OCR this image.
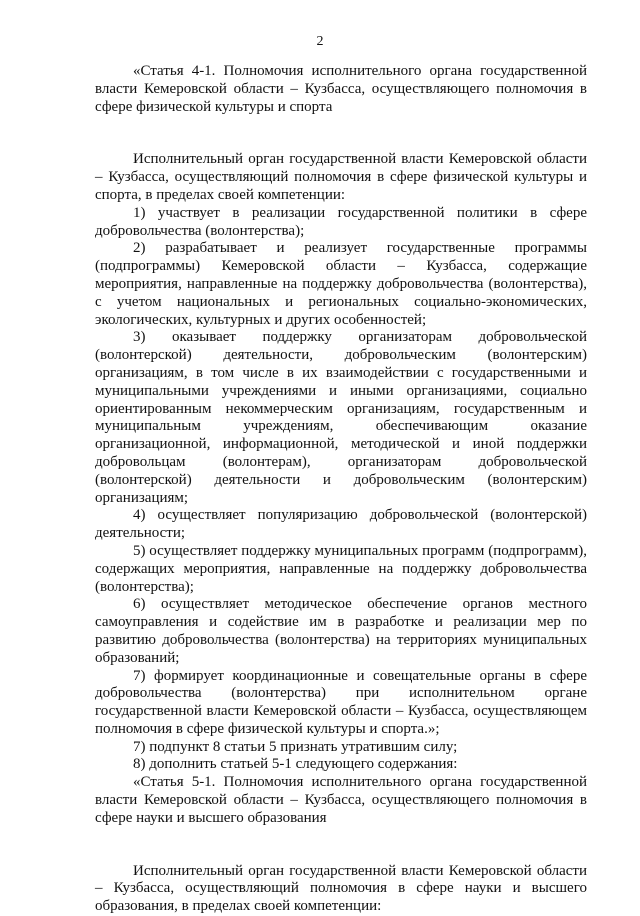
2

«Статья 4-1. Полномочия исполнительного органа государственной власти Кемеровской области – Кузбасса, осуществляющего полномочия в сфере физической культуры и спорта

Исполнительный орган государственной власти Кемеровской области – Кузбасса, осуществляющий полномочия в сфере физической культуры и спорта, в пределах своей компетенции:

1) участвует в реализации государственной политики в сфере добровольчества (волонтерства);

2) разрабатывает и реализует государственные программы (подпрограммы) Кемеровской области – Кузбасса, содержащие мероприятия, направленные на поддержку добровольчества (волонтерства), с учетом национальных и региональных социально-экономических, экологических, культурных и других особенностей;

3) оказывает поддержку организаторам добровольческой (волонтерской) деятельности, добровольческим (волонтерским) организациям, в том числе в их взаимодействии с государственными и муниципальными учреждениями и иными организациями, социально ориентированным некоммерческим организациям, государственным и муниципальным учреждениям, обеспечивающим оказание организационной, информационной, методической и иной поддержки добровольцам (волонтерам), организаторам добровольческой (волонтерской) деятельности и добровольческим (волонтерским) организациям;

4) осуществляет популяризацию добровольческой (волонтерской) деятельности;

5) осуществляет поддержку муниципальных программ (подпрограмм), содержащих мероприятия, направленные на поддержку добровольчества (волонтерства);

6) осуществляет методическое обеспечение органов местного самоуправления и содействие им в разработке и реализации мер по развитию добровольчества (волонтерства) на территориях муниципальных образований;

7) формирует координационные и совещательные органы в сфере добровольчества (волонтерства) при исполнительном органе государственной власти Кемеровской области – Кузбасса, осуществляющем полномочия в сфере физической культуры и спорта.»;

7) подпункт 8 статьи 5 признать утратившим силу;

8) дополнить статьей 5-1 следующего содержания:

«Статья 5-1. Полномочия исполнительного органа государственной власти Кемеровской области – Кузбасса, осуществляющего полномочия в сфере науки и высшего образования

Исполнительный орган государственной власти Кемеровской области – Кузбасса, осуществляющий полномочия в сфере науки и высшего образования, в пределах своей компетенции:
